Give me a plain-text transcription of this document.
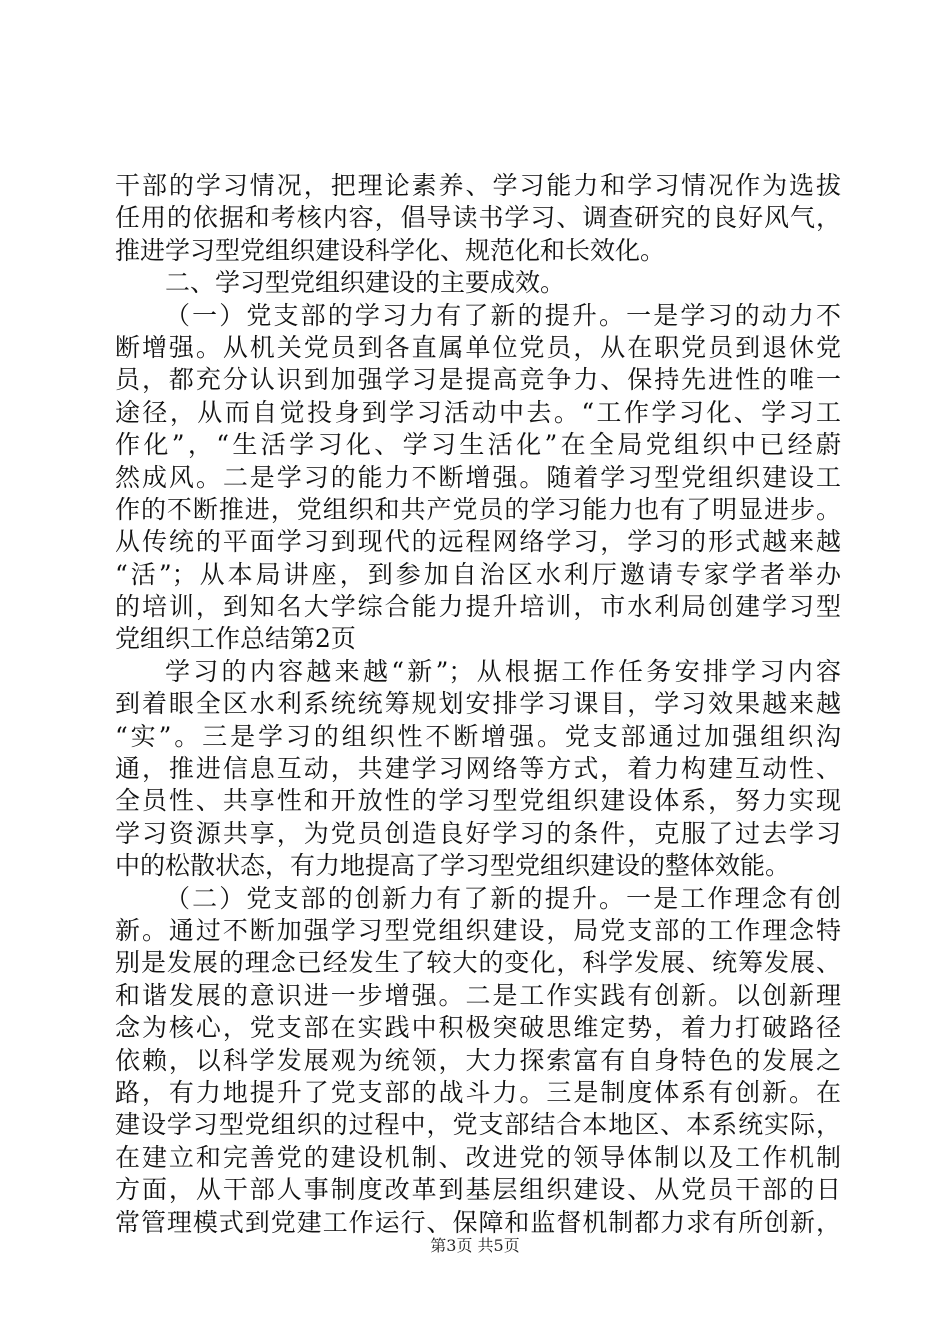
干部的学习情况，把理论素养、学习能力和学习情况作为选拔
任用的依据和考核内容，倡导读书学习、调查研究的良好风气，
推进学习型党组织建设科学化、规范化和长效化。
二、学习型党组织建设的主要成效。
（一）党支部的学习力有了新的提升。一是学习的动力不
断增强。从机关党员到各直属单位党员，从在职党员到退休党
员，都充分认识到加强学习是提高竞争力、保持先进性的唯一
途径，从而自觉投身到学习活动中去。“工作学习化、学习工
作化”，“生活学习化、学习生活化”在全局党组织中已经蔚
然成风。二是学习的能力不断增强。随着学习型党组织建设工
作的不断推进，党组织和共产党员的学习能力也有了明显进步。
从传统的平面学习到现代的远程网络学习，学习的形式越来越
“活”；从本局讲座，到参加自治区水利厅邀请专家学者举办
的培训，到知名大学综合能力提升培训，市水利局创建学习型
党组织工作总结第2页
学习的内容越来越“新”；从根据工作任务安排学习内容
到着眼全区水利系统统筹规划安排学习课目，学习效果越来越
“实”。三是学习的组织性不断增强。党支部通过加强组织沟
通，推进信息互动，共建学习网络等方式，着力构建互动性、
全员性、共享性和开放性的学习型党组织建设体系，努力实现
学习资源共享，为党员创造良好学习的条件，克服了过去学习
中的松散状态，有力地提高了学习型党组织建设的整体效能。
（二）党支部的创新力有了新的提升。一是工作理念有创
新。通过不断加强学习型党组织建设，局党支部的工作理念特
别是发展的理念已经发生了较大的变化，科学发展、统筹发展、
和谐发展的意识进一步增强。二是工作实践有创新。以创新理
念为核心，党支部在实践中积极突破思维定势，着力打破路径
依赖，以科学发展观为统领，大力探索富有自身特色的发展之
路，有力地提升了党支部的战斗力。三是制度体系有创新。在
建设学习型党组织的过程中，党支部结合本地区、本系统实际，
在建立和完善党的建设机制、改进党的领导体制以及工作机制
方面，从干部人事制度改革到基层组织建设、从党员干部的日
常管理模式到党建工作运行、保障和监督机制都力求有所创新，
第3页 共5页
